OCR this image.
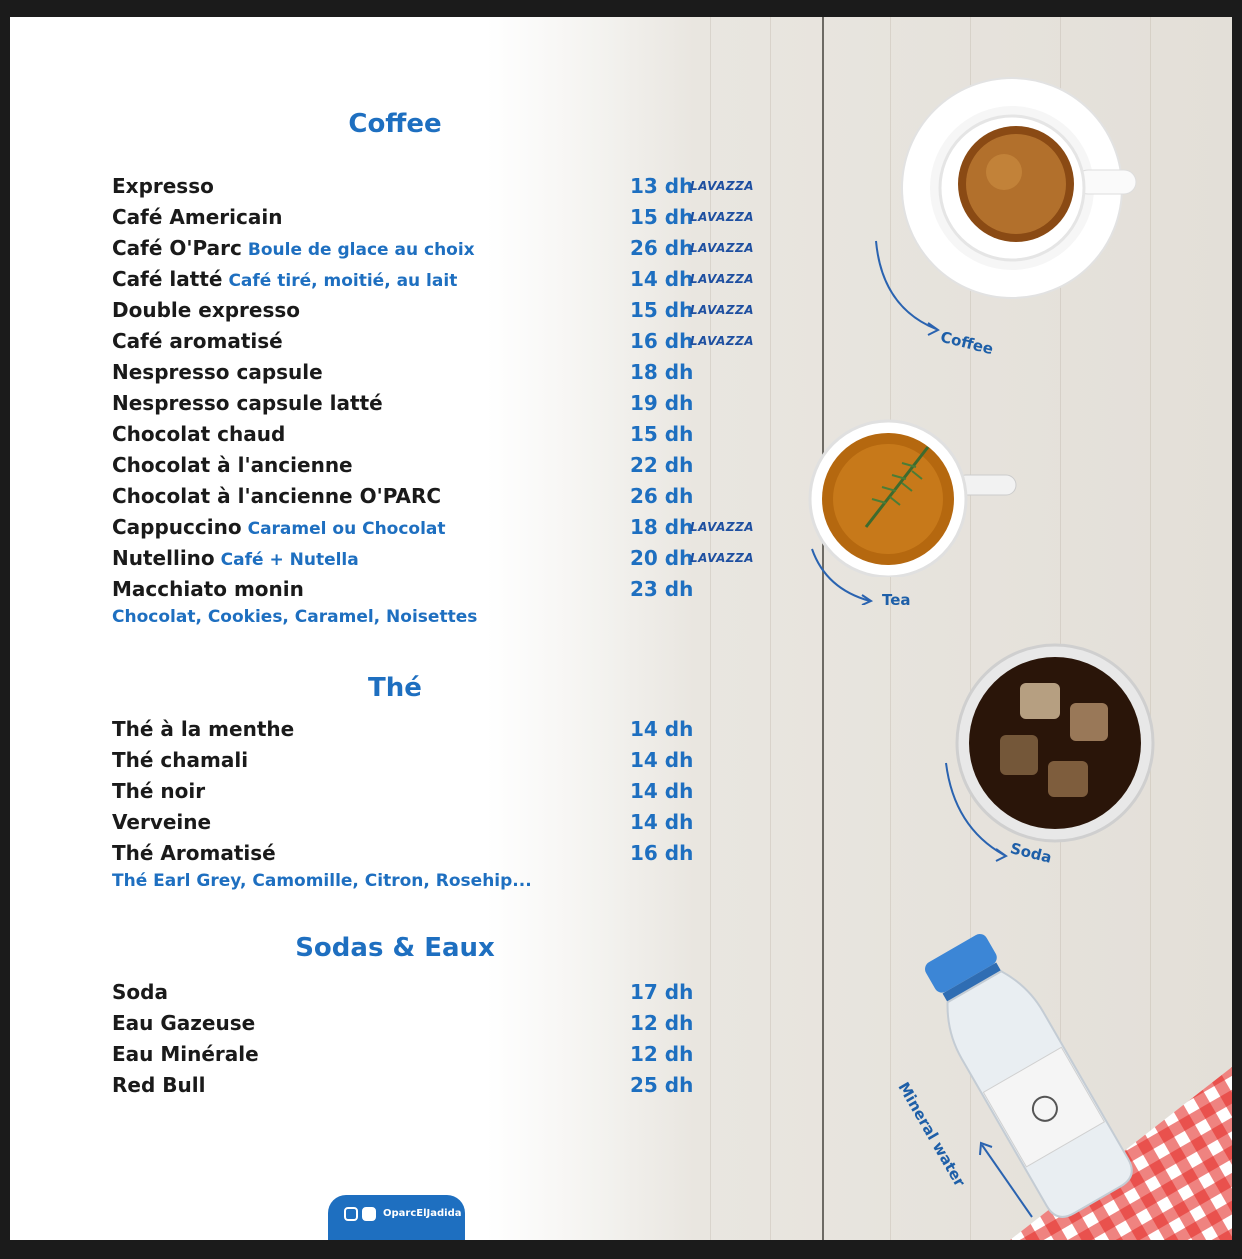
Coffee
Expresso	13 dh
LAVAZZA
Café Americain	15 dh
LAVAZZA
Café O'Parc Boule de glace au choix	26 dh
LAVAZZA
Café latté Café tiré, moitié, au lait	14 dh
LAVAZZA
Double expresso	15 dh
LAVAZZA
Café aromatisé	16 dh
LAVAZZA
Nespresso capsule	18 dh
Nespresso capsule latté	19 dh
Chocolat chaud	15 dh
Chocolat à l'ancienne	22 dh
Chocolat à l'ancienne O'PARC	26 dh
Cappuccino Caramel ou Chocolat	18 dh
LAVAZZA
Nutellino Café + Nutella	20 dh
LAVAZZA
Macchiato monin	23 dh
Chocolat, Cookies, Caramel, Noisettes
Thé
Thé à la menthe	14 dh
Thé chamali	14 dh
Thé noir	14 dh
Verveine	14 dh
Thé Aromatisé	16 dh
Thé Earl Grey, Camomille, Citron, Rosehip...
Sodas & Eaux
Soda	17 dh
Eau Gazeuse	12 dh
Eau Minérale	12 dh
Red Bull	25 dh
Coffee
Tea
Soda
Mineral water
OparcElJadida
